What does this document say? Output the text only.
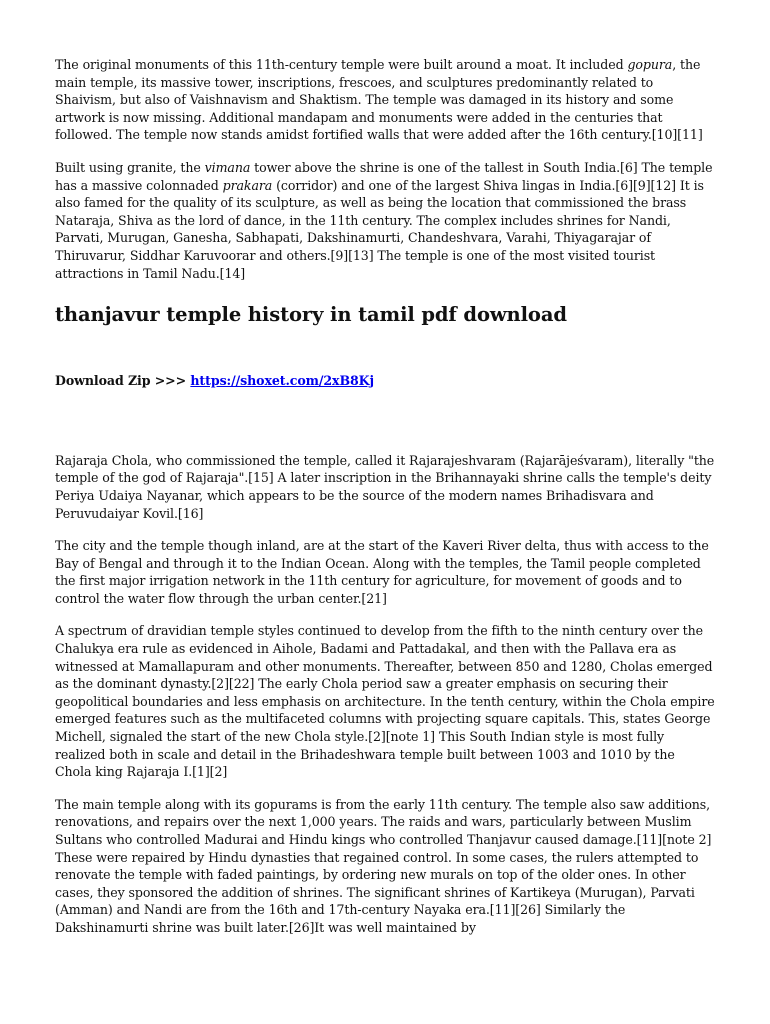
The original monuments of this 11th-century temple were built around a moat. It included gopura, the main temple, its massive tower, inscriptions, frescoes, and sculptures predominantly related to Shaivism, but also of Vaishnavism and Shaktism. The temple was damaged in its history and some artwork is now missing. Additional mandapam and monuments were added in the centuries that followed. The temple now stands amidst fortified walls that were added after the 16th century.[10][11]

Built using granite, the vimana tower above the shrine is one of the tallest in South India.[6] The temple has a massive colonnaded prakara (corridor) and one of the largest Shiva lingas in India.[6][9][12] It is also famed for the quality of its sculpture, as well as being the location that commissioned the brass Nataraja, Shiva as the lord of dance, in the 11th century. The complex includes shrines for Nandi, Parvati, Murugan, Ganesha, Sabhapati, Dakshinamurti, Chandeshvara, Varahi, Thiyagarajar of Thiruvarur, Siddhar Karuvoorar and others.[9][13] The temple is one of the most visited tourist attractions in Tamil Nadu.[14]

thanjavur temple history in tamil pdf download

Download Zip >>> https://shoxet.com/2xB8Kj

Rajaraja Chola, who commissioned the temple, called it Rajarajeshvaram (Rajarājeśvaram), literally "the temple of the god of Rajaraja".[15] A later inscription in the Brihannayaki shrine calls the temple's deity Periya Udaiya Nayanar, which appears to be the source of the modern names Brihadisvara and Peruvudaiyar Kovil.[16]

The city and the temple though inland, are at the start of the Kaveri River delta, thus with access to the Bay of Bengal and through it to the Indian Ocean. Along with the temples, the Tamil people completed the first major irrigation network in the 11th century for agriculture, for movement of goods and to control the water flow through the urban center.[21]

A spectrum of dravidian temple styles continued to develop from the fifth to the ninth century over the Chalukya era rule as evidenced in Aihole, Badami and Pattadakal, and then with the Pallava era as witnessed at Mamallapuram and other monuments. Thereafter, between 850 and 1280, Cholas emerged as the dominant dynasty.[2][22] The early Chola period saw a greater emphasis on securing their geopolitical boundaries and less emphasis on architecture. In the tenth century, within the Chola empire emerged features such as the multifaceted columns with projecting square capitals. This, states George Michell, signaled the start of the new Chola style.[2][note 1] This South Indian style is most fully realized both in scale and detail in the Brihadeshwara temple built between 1003 and 1010 by the Chola king Rajaraja I.[1][2]

The main temple along with its gopurams is from the early 11th century. The temple also saw additions, renovations, and repairs over the next 1,000 years. The raids and wars, particularly between Muslim Sultans who controlled Madurai and Hindu kings who controlled Thanjavur caused damage.[11][note 2] These were repaired by Hindu dynasties that regained control. In some cases, the rulers attempted to renovate the temple with faded paintings, by ordering new murals on top of the older ones. In other cases, they sponsored the addition of shrines. The significant shrines of Kartikeya (Murugan), Parvati (Amman) and Nandi are from the 16th and 17th-century Nayaka era.[11][26] Similarly the Dakshinamurti shrine was built later.[26]It was well maintained by
